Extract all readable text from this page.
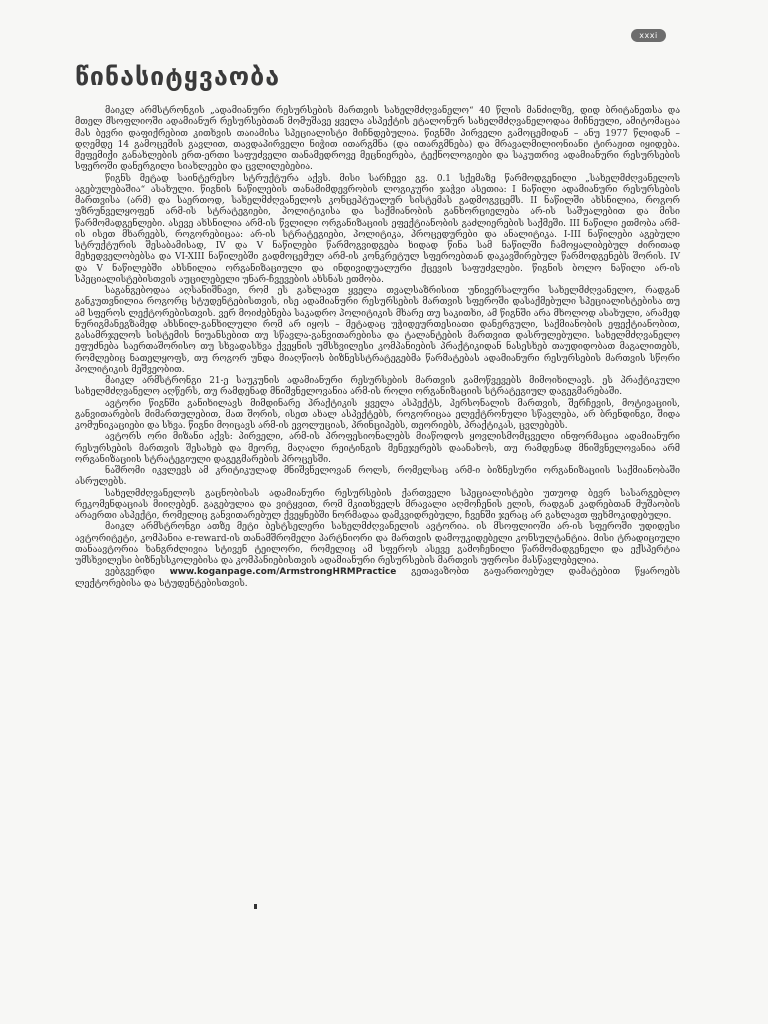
xxxi
წინასიტყვაობა

მაიკლ არმსტრონგის „ადამიანური რესურსების მართვის სახელმძღვანელო“ 40 წლის მანძილზე, დიდ ბრიტანეთსა და მთელ მსოფლიოში ადამიანურ რესურსებთან მომუშავე ყველა ასპექტის ეტალონურ სახელმძღვანელოდაა მიჩნეული, ამიტომაცაა მას ბევრი დაფიქრებით კითხვის თაიამისა სპეციალისტი მიჩნდებულია. წიგნში პირველი გამოცემიდან – ანუ 1977 წლიდან – დღემდე 14 გამოცემის გავლით, თავდაპირველი ნიჭით ითარგმნა (და ითარგმნება) და მრავალმილიონიანი ტირაჟით იყიდება. მეფემიქი განახლების ერთ-ერთი საფუძველი თანამედროვე მეცნიერება, ტექნოლოგიები და საკუთრივ ადამიანური რესურსების სფეროში დანერგილი სიახლეები და ცვლილებებია.

წიგნს მეტად საინტერესო სტრუქტურა აქვს. მისი სარჩევი გვ. 0.1 სქემაზე წარმოდგენილი „სახელმძღვანელოს აგებულებაშია“ ასახული. წიგნის ნაწილების თანამიმდევრობის ლოგიკური ჯაჭვი ასეთია: I ნაწილი ადამიანური რესურსების მართვისა (არმ) და საერთოდ, სახელმძღვანელოს კონცეპტუალურ სისტემას გადმოგვცემს. II ნაწილში ახსნილია, როგორ უზრუნველყოფენ არმ-ის სტრატეგიები, პოლიტიკისა და საქმიანობის განხორციელება არ-ის საშუალებით და მისი წარმომადგენლები. ასევე ახსნილია არმ-ის წვლილი ორგანიზაციის ეფექტიანობის გაძლიერების საქმეში. III ნაწილი ეთმობა არმ-ის ისეთ მხარეებს, როგორებიცაა: არ-ის სტრატეგიები, პოლიტიკა, პროცედურები და ანალიტიკა. I-III ნაწილები აგებული სტრუქტურის შესაბამისად, IV და V ნაწილები წარმოგვიდგება ხიდად წინა სამ ნაწილში ჩამოყალიბებულ ძირითად მეხედველობებსა და VI-XIII ნაწილებში გადმოცემულ არმ-ის კონკრეტულ სფეროებთან დაკავშირებულ წარმოდგენებს შორის. IV და V ნაწილებში ახსნილია ორგანიზაციული და ინდივიდუალური ქცევის საფუძვლები. წიგნის ბოლო ნაწილი არ-ის სპეციალისტებისთვის აუცილებელი უნარ-ჩვევების ახსნას ეთმობა.

საგანგებოდაა აღსანიშნავი, რომ ეს გახლავთ ყველა თვალსაზრისით უნივერსალური სახელმძღვანელო, რადგან განკუთვნილია როგორც სტუდენტებისთვის, ისე ადამიანური რესურსების მართვის სფეროში დასაქმებული სპეციალისტებისა თუ ამ სფეროს ლექტორებისთვის. ვერ მოიძებნება საკადრო პოლიტიკის მხარე თუ საკითხი, ამ წიგნში არა მხოლოდ ასახული, არამედ ნურიგმანეგზამედ ახსნილ-განხილული რომ არ იყოს – მეტადაც უჭიდეურთესიათი დანერგული, საქმიანობის ეფექტიანობით, გასამრჯელოს სისტემის ნიუანსებით თუ სწავლა-განვითარებისა და ტალანტების მართვით დასრულებული. სახელმძღვანელო ეფუძნება საერთაშორისო თუ სხვადასხვა ქვეყნის უმსხვილესი კომპანიების პრაქტიკიდან ნასესხებ თაუდიდობათ მაგალითებს, რომლებიც ნათელყოფს, თუ როგორ უნდა მიაღწიოს ბიზნესსტრატეგებმა წარმატებას ადამიანური რესურსების მართვის სწორი პოლიტიკის მეშვეობით.

მაიკლ არმსტრონგი 21-ე საუკუნის ადამიანური რესურსების მართვის გამოწვევებს მიმოიხილავს. ეს პრაქტიკული სახელმძღვანელო აღწერს, თუ რამდენად მნიშვნელოვანია არმ-ის როლი ორგანიზაციის სტრატეგიულ დაგეგმარებაში.

ავტორი წიგნში განიხილავს მიმდინარე პრაქტიკის ყველა ასპექტს, პერსონალის მართვის, შერჩევის, მოტივაციის, განვითარების მიმართულებით, მათ შორის, ისეთ ახალ ასპექტებს, როგორიცაა ელექტრონული სწავლება, არ ბრენდინგი, შიდა კომუნიკაციები და სხვა. წიგნი მოიცავს არმ-ის ევოლუციას, პრინციპებს, თეორიებს, პრაქტიკას, ცვლებებს.

ავტორს ორი მიზანი აქვს: პირველი, არმ-ის პროფესიონალებს მიაწოდოს ყოვლისმომცველი ინფორმაცია ადამიანური რესურსების მართვის შესახებ და მეორე, მაღალი რეიტინგის მენეჯერებს დაანახოს, თუ რამდენად მნიშვნელოვანია არმ ორგანიზაციის სტრატეგიული დაგეგმარების პროცესში.

ნაშრომი იკვლევს ამ კრიტიკულად მნიშვნელოვან როლს, რომელსაც არმ-ი ბიზნესური ორგანიზაციის საქმიანობაში ასრულებს.

სახელმძღვანელოს გაცნობისას ადამიანური რესურსების ქართველი სპეციალისტები უთუოდ ბევრ სასარგებლო რეკომენდაციას მიიღებენ. გაგებულია და ვიტყვით, რომ მკითხველს მრავალი აღმოჩენის ელის, რადგან კადრებთან მუშაობის არაერთი ასპექტი, რომელიც განვითარებულ ქვეყნებში ნორმადაა დამკვიდრებული, ჩვენში ჯერაც არ გახლავთ ფეხმოკიდებული.

მაიკლ არმსტრონგი ათზე მეტი ბესტსელერი სახელმძღვანელის ავტორია. ის მსოფლიოში არ-ის სფეროში უდიდესი ავტორიტეტი, კომპანია e-reward-ის თანამშრომელი პარტნიორი და მართვის დამოუკიდებელი კონსულტანტია. მისი ტრადიციული თანაავტორია ხანგრძლივია სტივენ ტეილორი, რომელიც ამ სფეროს ასევე გამოჩენილი წარმომადგენელი და ექსპერტია უმსხვილესი ბიზნესსკოლებისა და კომპანიებისთვის ადამიანური რესურსების მართვის უფროსი მასწავლებელია.

ვებგვერდი www.koganpage.com/ArmstrongHRMPractice გეთავაზობთ გაფართოებულ დამატებით წყაროებს ლექტორებისა და სტუდენტებისთვის.
